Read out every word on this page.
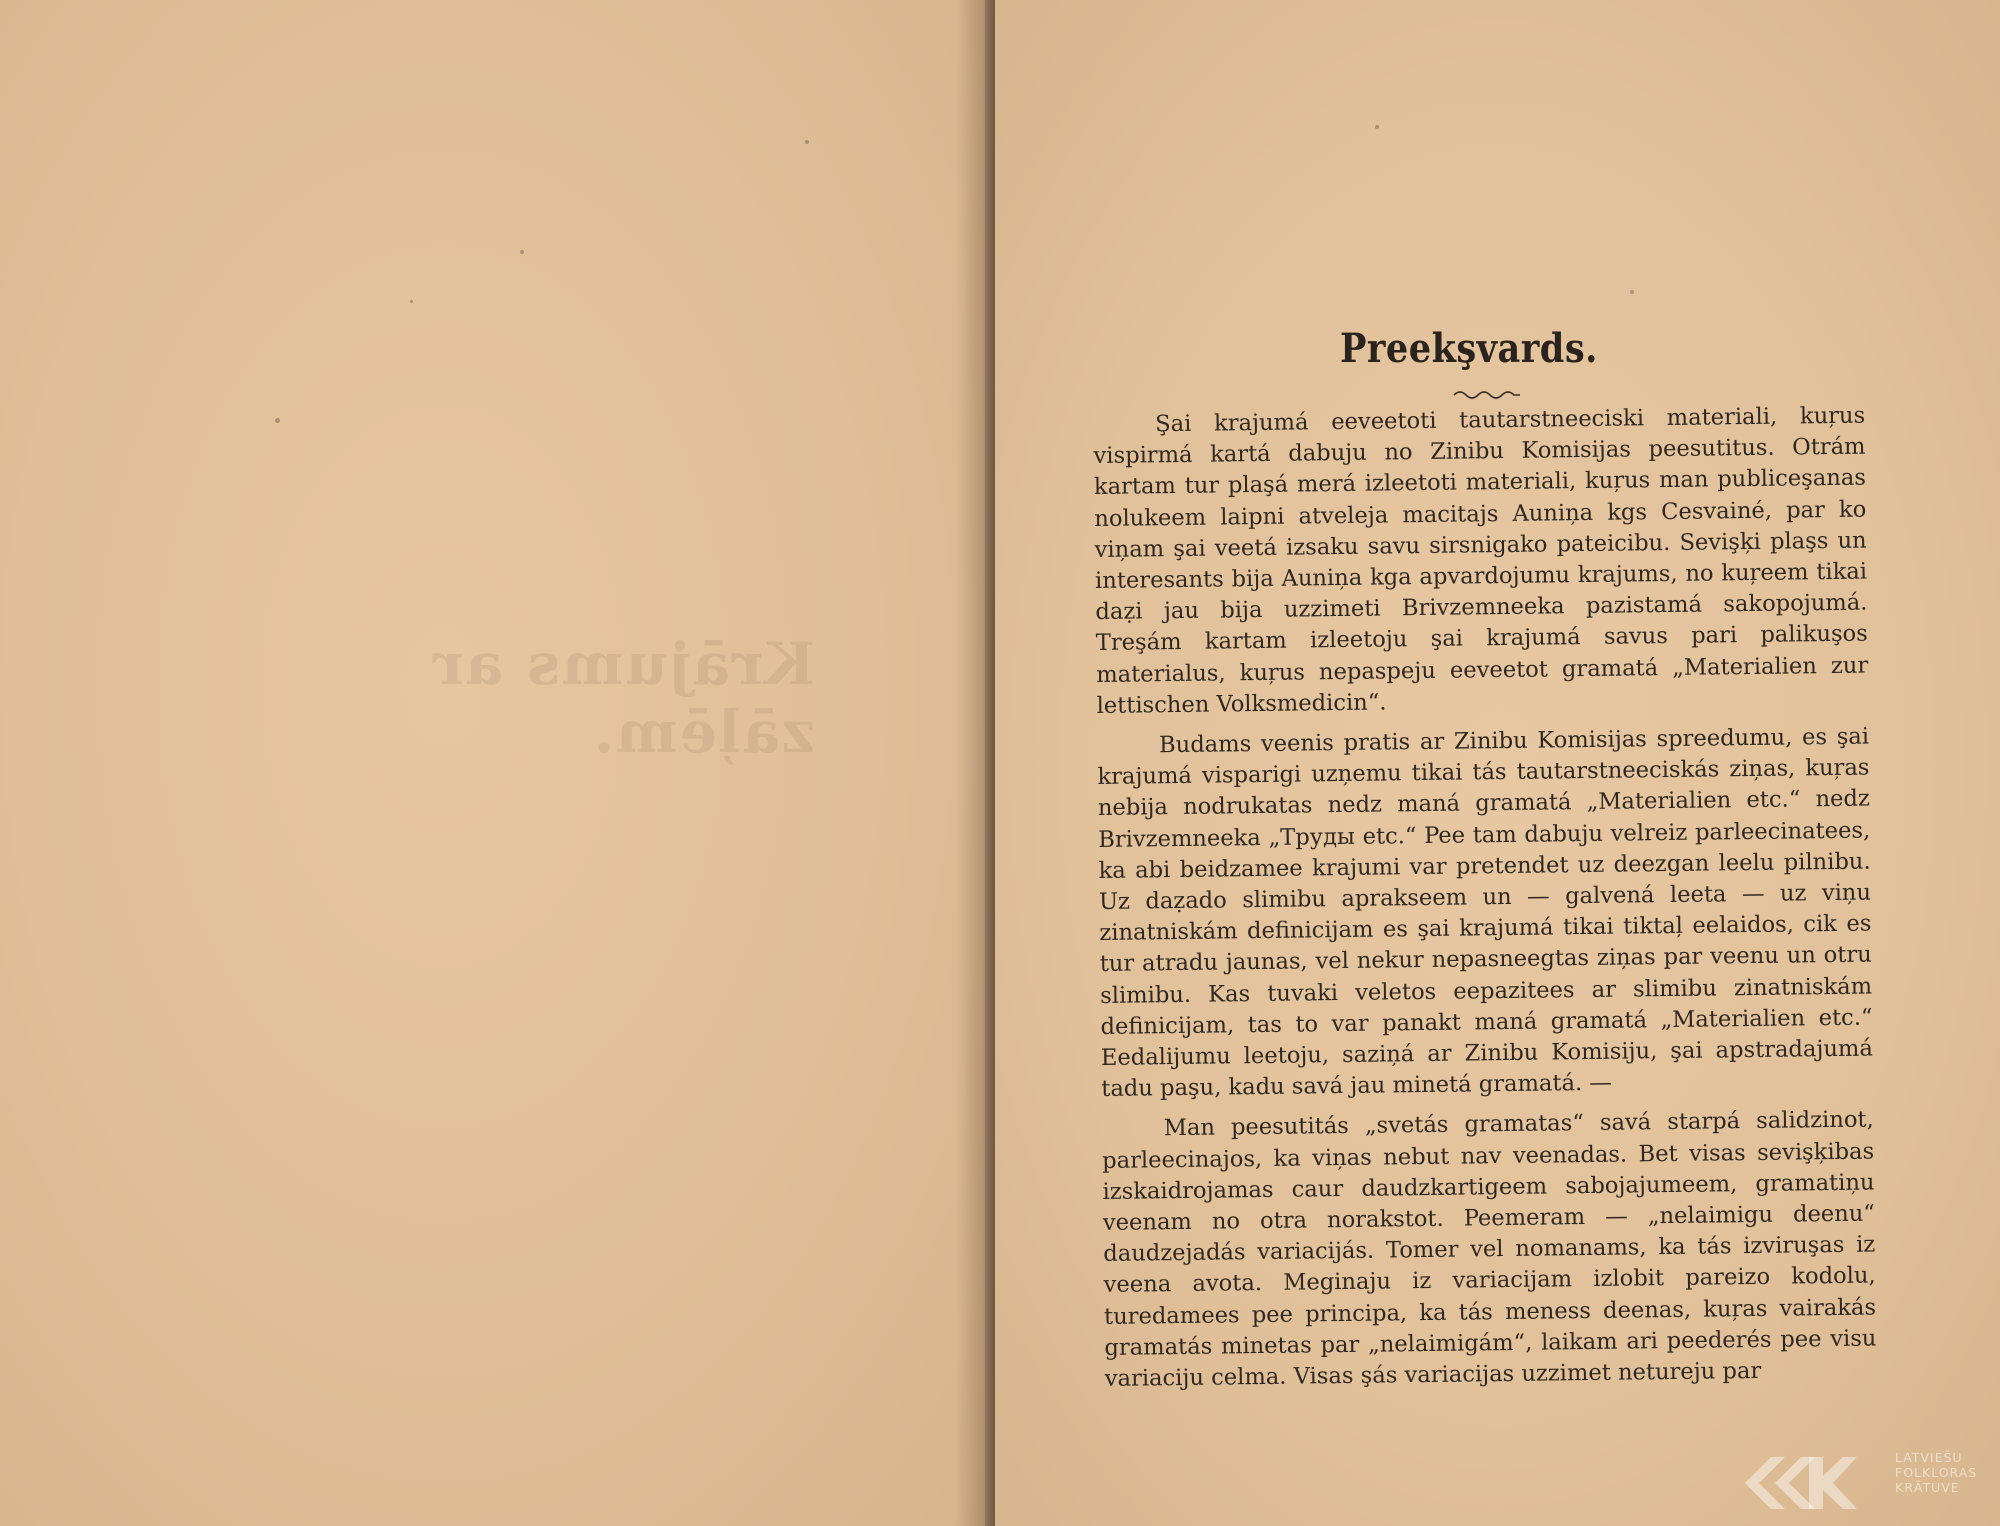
Krājums ar zāļēm.
Preekşvards.

Şai krajumá eeveetoti tautarstneeciski materiali, kuŗus vispirmá kartá dabuju no Zinibu Komisijas peesutitus. Otrám kartam tur plaşá merá izleetoti materiali, kuŗus man publiceşanas nolukeem laipni atveleja macitajs Auniņa kgs Cesvainé, par ko viņam şai veetá izsaku savu sirsnigako pateicibu. Sevişķi plaşs un interesants bija Auniņa kga apvardojumu krajums, no kuŗeem tikai daẓi jau bija uzzimeti Brivzemneeka pazistamá sakopojumá. Treşám kartam izleetoju şai krajumá savus pari palikuşos materialus, kuŗus nepaspeju eeveetot gramatá „Materialien zur lettischen Volksmedicin“.

Budams veenis pratis ar Zinibu Komisijas spreedumu, es şai krajumá visparigi uzņemu tikai tás tautarstneeciskás ziņas, kuŗas nebija nodrukatas nedz maná gramatá „Materialien etc.“ nedz Brivzemneeka „Труды etc.“ Pee tam dabuju velreiz parleecinatees, ka abi beidzamee krajumi var pretendet uz deezgan leelu pilnibu. Uz daẓado slimibu aprakseem un — galvená leeta — uz viņu zinatniskám definicijam es şai krajumá tikai tiktaļ eelaidos, cik es tur atradu jaunas, vel nekur nepasneegtas ziņas par veenu un otru slimibu. Kas tuvaki veletos eepazitees ar slimibu zinatniskám definicijam, tas to var panakt maná gramatá „Materialien etc.“ Eedalijumu leetoju, saziņá ar Zinibu Komisiju, şai apstradajumá tadu paşu, kadu savá jau minetá gramatá. —

Man peesutitás „svetás gramatas“ savá starpá salidzinot, parleecinajos, ka viņas nebut nav veenadas. Bet visas sevişķibas izskaidrojamas caur daudzkartigeem sabojajumeem, gramatiņu veenam no otra norakstot. Peemeram — „nelaimigu deenu“ daudzejadás variacijás. Tomer vel nomanams, ka tás izviruşas iz veena avota. Meginaju iz variacijam izlobit pareizo kodolu, turedamees pee principa, ka tás meness deenas, kuŗas vairakás gramatás minetas par „nelaimigám“, laikam ari peederés pee visu variaciju celma. Visas şás variacijas uzzimet netureju par

LATVIEŠU
FOLKLORAS
KRĀTUVE
